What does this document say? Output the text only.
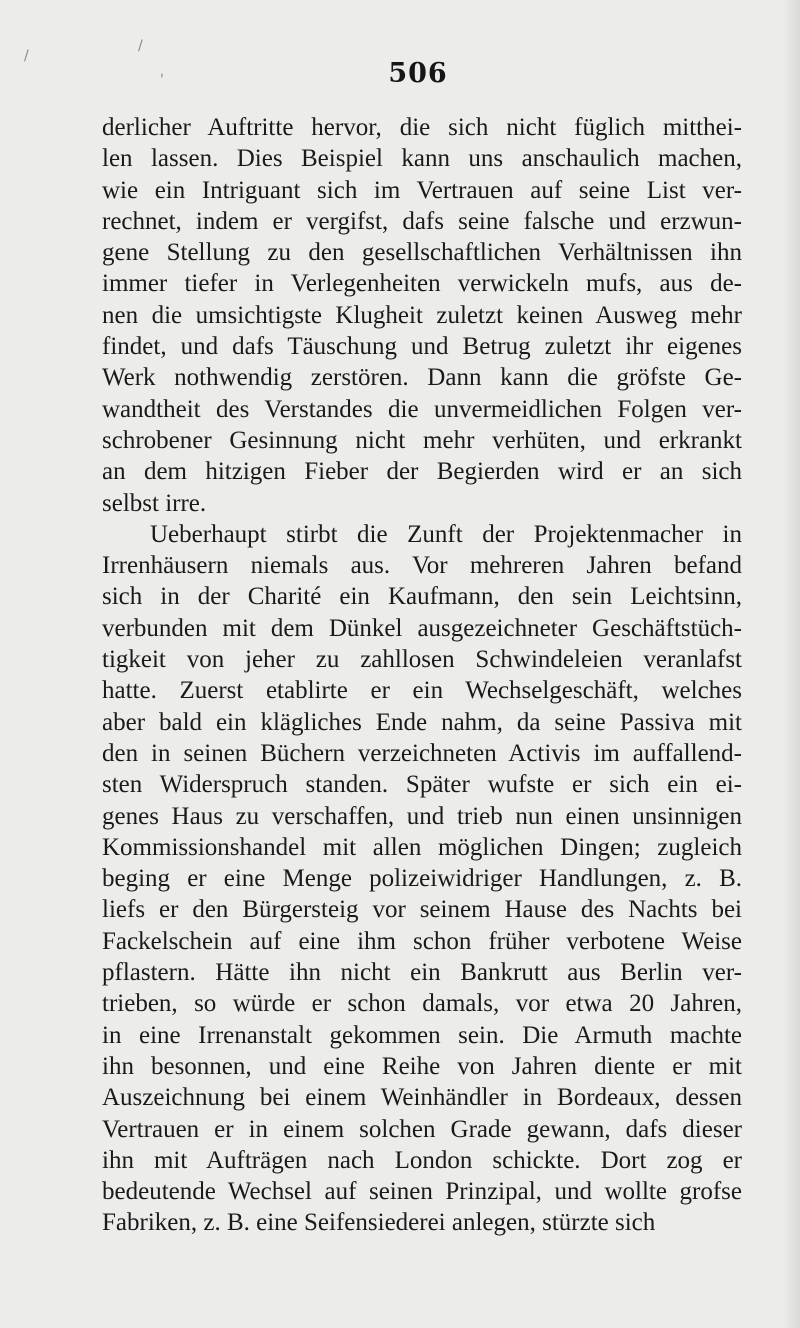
/
/
'	506
derlicher Auftritte hervor, die sich nicht füglich mitthei-
len lassen. Dies Beispiel kann uns anschaulich machen,
wie ein Intriguant sich im Vertrauen auf seine List ver-
rechnet, indem er vergifst, dafs seine falsche und erzwun-
gene Stellung zu den gesellschaftlichen Verhältnissen ihn
immer tiefer in Verlegenheiten verwickeln mufs, aus de-
nen die umsichtigste Klugheit zuletzt keinen Ausweg mehr
findet, und dafs Täuschung und Betrug zuletzt ihr eigenes
Werk nothwendig zerstören. Dann kann die gröfste Ge-
wandtheit des Verstandes die unvermeidlichen Folgen ver-
schrobener Gesinnung nicht mehr verhüten, und erkrankt
an dem hitzigen Fieber der Begierden wird er an sich
selbst irre.
Ueberhaupt stirbt die Zunft der Projektenmacher in
Irrenhäusern niemals aus. Vor mehreren Jahren befand
sich in der Charité ein Kaufmann, den sein Leichtsinn,
verbunden mit dem Dünkel ausgezeichneter Geschäftstüch-
tigkeit von jeher zu zahllosen Schwindeleien veranlafst
hatte. Zuerst etablirte er ein Wechselgeschäft, welches
aber bald ein klägliches Ende nahm, da seine Passiva mit
den in seinen Büchern verzeichneten Activis im auffallend-
sten Widerspruch standen. Später wufste er sich ein ei-
genes Haus zu verschaffen, und trieb nun einen unsinnigen
Kommissionshandel mit allen möglichen Dingen; zugleich
beging er eine Menge polizeiwidriger Handlungen, z. B.
liefs er den Bürgersteig vor seinem Hause des Nachts bei
Fackelschein auf eine ihm schon früher verbotene Weise
pflastern. Hätte ihn nicht ein Bankrutt aus Berlin ver-
trieben, so würde er schon damals, vor etwa 20 Jahren,
in eine Irrenanstalt gekommen sein. Die Armuth machte
ihn besonnen, und eine Reihe von Jahren diente er mit
Auszeichnung bei einem Weinhändler in Bordeaux, dessen
Vertrauen er in einem solchen Grade gewann, dafs dieser
ihn mit Aufträgen nach London schickte. Dort zog er
bedeutende Wechsel auf seinen Prinzipal, und wollte grofse
Fabriken, z. B. eine Seifensiederei anlegen, stürzte sich
